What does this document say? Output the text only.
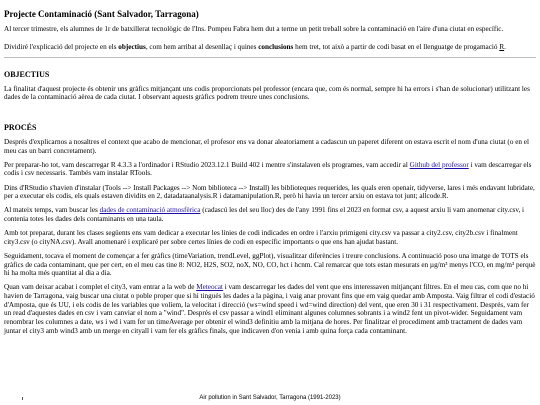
Projecte Contaminació (Sant Salvador, Tarragona)

Al tercer trimestre, els alumnes de 1r de batxillerat tecnològic de l'Ins. Pompeu Fabra hem dut a terme un petit treball sobre la contaminació en l'aire d'una ciutat en específic.

Dividiré l'explicació del projecte en els objectius, com hem arribat al desenllaç i quines conclusions hem tret, tot això a partir de codi basat en el llenguatge de progamació R.

OBJECTIUS

La finalitat d'aquest projecte és obtenir uns gràfics mitjançant uns codis proporcionats pel professor (encara que, com és normal, sempre hi ha errors i s'han de solucionar) utilitzant les dades de la contaminació aèrea de cada ciutat. I observant aquests gràfics podrem treure unes conclusions.

PROCÉS

Després d'explicarnos a nosaltres el context que acabo de mencionar, el profesor ens va donar aleatoriament a cadascun un paperet diferent on estava escrit el nom d'una ciutat (o en el meu cas un barri concretament).

Per preparar-ho tot, vam descarregar R 4.3.3 a l'ordinador i RStudio 2023.12.1 Build 402 i mentre s'instalaven els programes, vam accedir al Github del professor i vam descarregar els codis i csv necessaris. Tambés vam instalar RTools.

Dins d'RStudio s'havien d'instalar (Tools --> Install Packages --> Nom biblioteca --> Install) les biblioteques requerides, les quals eren openair, tidyverse, lares i més endavant lubridate, per a executar els codis, els quals estaven dividits en 2, datadataanalysis.R i datamanipulation.R, però hi havia un tercer arxiu on estava tot junt; allcode.R.

Al mateix temps, vam buscar les dades de contaminació atmosfèrica (cadascú les del seu lloc) des de l'any 1991 fins el 2023 en format csv, a aquest arxiu li vam anomenar city.csv, i contenia totes les dades dels contaminants en una taula.

Amb tot preparat, durant les clases següents ens vam dedicar a executar les línies de codi indicades en ordre i l'arxiu primigeni city.csv va passar a city2.csv, city2b.csv i finalment city3.csv (o cityNA.csv). Avall anomenaré i explicaré per sobre certes línies de codi en específic importants o que ens han ajudat bastant.

Seguidament, tocava el moment de començar a fer gràfics (timeVariation, trendLevel, ggPlot), visualitzar diferències i treure conclusions. A continuació poso una imatge de TOTS els gràfics de cada contaminant, que per cert, en el meu cas tine 8: NO2, H2S, SO2, noX, NO, CO, hct i hcnm. Cal remarcar que tots estan mesurats en µg/m³ menys l'CO, en mg/m³ perquè hi ha molta més quantitat al dia a dia.

Quan vam deixar acabat i complet el city3, vam entrar a la web de Meteocat i vam descarregar les dades del vent que ens interessaven mitjançant filtres. En el meu cas, com que no hi havien de Tarragona, vaig buscar una ciutat o poble proper que si hi tingués les dades a la pàgina, i vaig anar provant fins que em vaig quedar amb Amposta. Vaig filtrar el codi d'estació d'Amposta, que és UU, i els codis de les variables que volíem, la velocitat i direcció (ws=wind speed i wd=wind direction) del vent, que eren 30 i 31 respectivament. Després, vam fer un read d'aquestes dades en csv i vam canviar el nom a "wind". Després el csv passar a wind1 eliminant algunes columnes sobrants i a wind2 fent un pivot-wider. Seguidament vam renombrar les columnes a date, ws i wd i vam fer un timeAverage per obtenir el wind3 definitiu amb la mitjana de hores. Per finalitzar el procediment amb tractament de dades vam juntar el city3 amb wind3 amb un merge en cityall i vam fer els gràfics finals, que indicaven d'on venia i amb quina força cada contaminant.

Air pollution in Sant Salvador, Tarragona (1991-2023)
